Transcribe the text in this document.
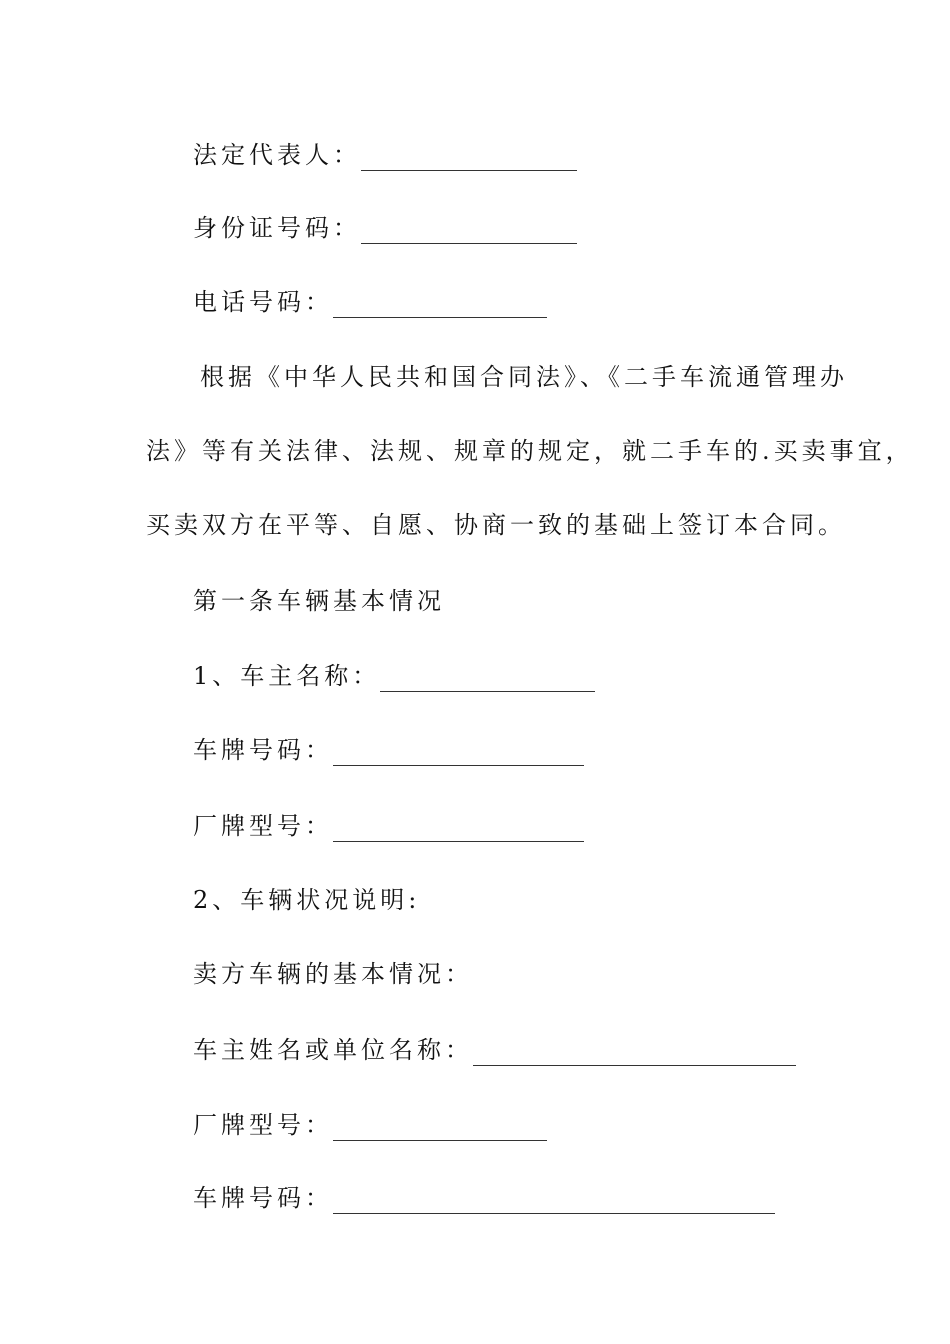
法定代表人：
身份证号码：
电话号码：
根据《中华人民共和国合同法》、《二手车流通管理办
法》等有关法律、法规、规章的规定，就二手车的.买卖事宜，
买卖双方在平等、自愿、协商一致的基础上签订本合同。
第一条车辆基本情况
1、车主名称：
车牌号码：
厂牌型号：
2、车辆状况说明:
卖方车辆的基本情况：
车主姓名或单位名称：
厂牌型号：
车牌号码：
